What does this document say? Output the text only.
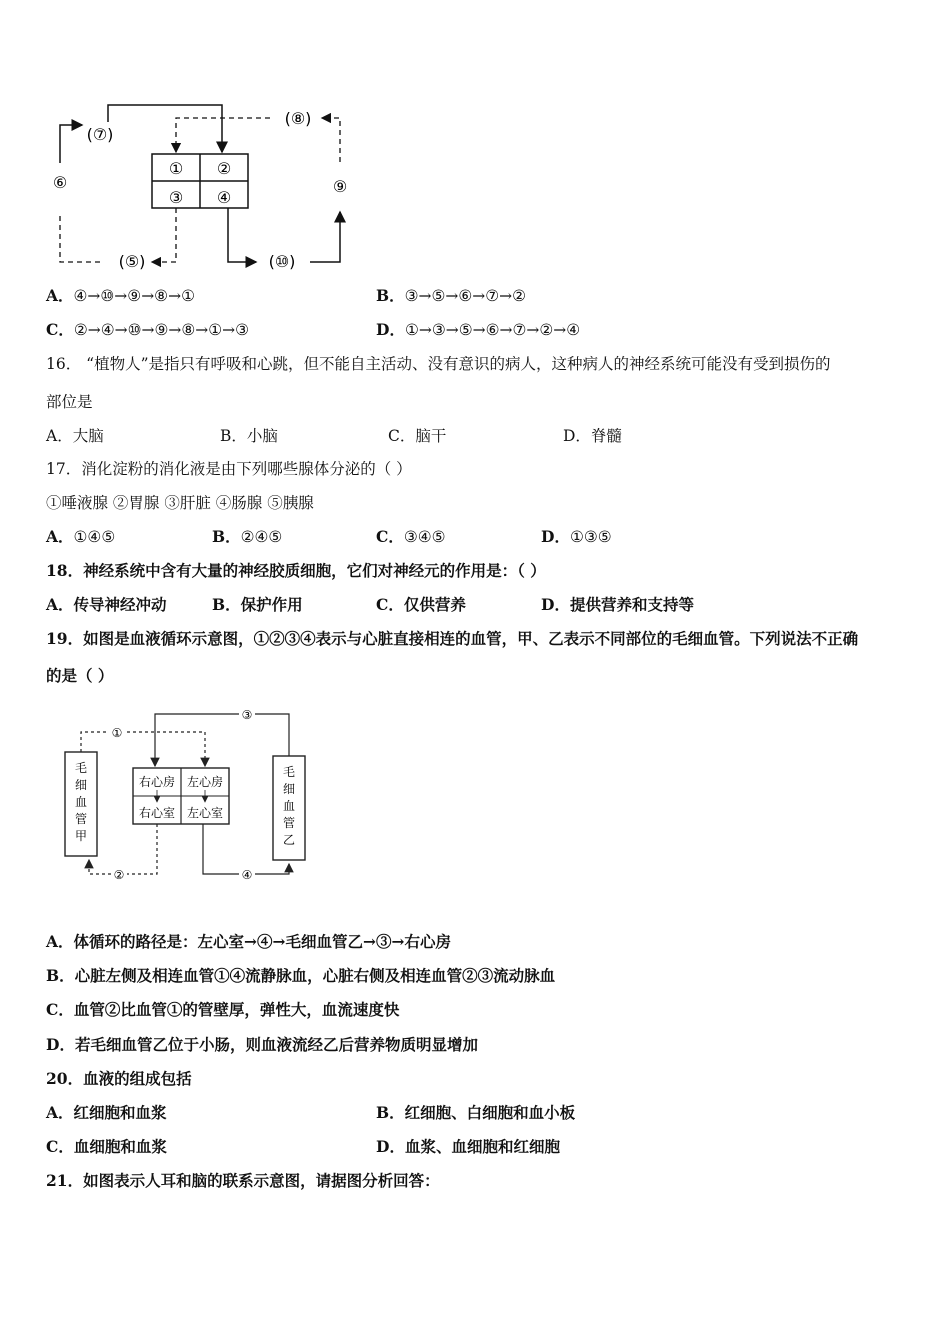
① ②
③ ④
(⑦)
(⑧)
⑥	⑨
(⑤)	(⑩)
A．④→⑩→⑨→⑧→①	B．③→⑤→⑥→⑦→②
C．②→④→⑩→⑨→⑧→①→③	D．①→③→⑤→⑥→⑦→②→④
16． “植物人”是指只有呼吸和心跳，但不能自主活动、没有意识的病人，这种病人的神经系统可能没有受到损伤的
部位是
A．大脑	B．小脑	C．脑干	D．脊髓
17．消化淀粉的消化液是由下列哪些腺体分泌的（ ）
①唾液腺 ②胃腺 ③肝脏 ④肠腺 ⑤胰腺
A．①④⑤	B．②④⑤	C．③④⑤	D．①③⑤
18．神经系统中含有大量的神经胶质细胞，它们对神经元的作用是：（ ）
A．传导神经冲动	B．保护作用	C．仅供营养	D．提供营养和支持等
19．如图是血液循环示意图，①②③④表示与心脏直接相连的血管，甲、乙表示不同部位的毛细血管。下列说法不正确
的是（ ）
毛
细
血
管
甲
毛
细
血
管
乙
右心房 左心房
右心室 左心室
①
③
②	④
A．体循环的路径是：左心室→④→毛细血管乙→③→右心房
B．心脏左侧及相连血管①④流静脉血，心脏右侧及相连血管②③流动脉血
C．血管②比血管①的管壁厚，弹性大，血流速度快
D．若毛细血管乙位于小肠，则血液流经乙后营养物质明显增加
20．血液的组成包括
A．红细胞和血浆	B．红细胞、白细胞和血小板
C．血细胞和血浆	D．血浆、血细胞和红细胞
21．如图表示人耳和脑的联系示意图，请据图分析回答：
